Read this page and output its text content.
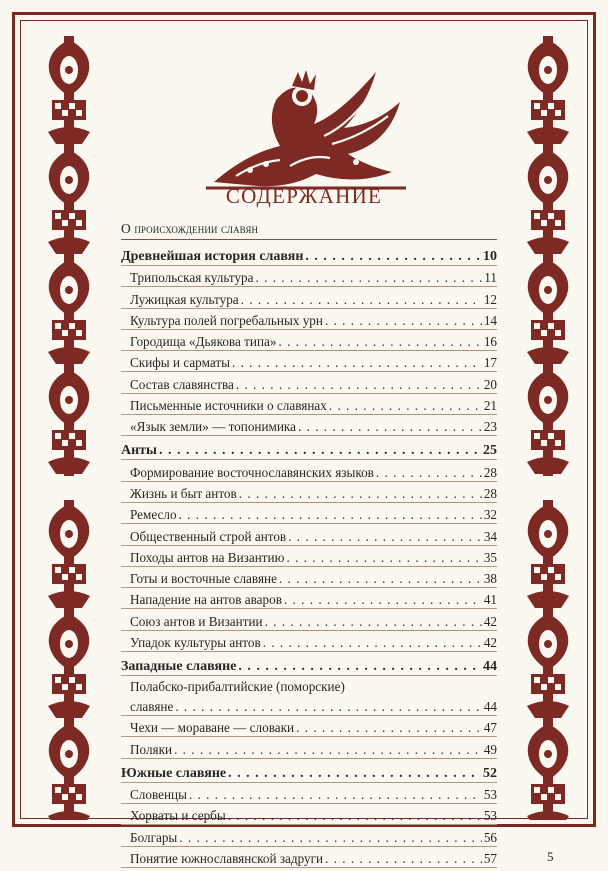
СОДЕРЖАНИЕ
О происхождении славян
Древнейшая история славян . . .	10
Трипольская культура . . .	11
Лужицкая культура . . .	12
Культура полей погребальных урн . . .	14
Городища «Дьякова типа» . . .	16
Скифы и сарматы . . .	17
Состав славянства . . .	20
Письменные источники о славянах . . .	21
«Язык земли» — топонимика . . .	23
Анты . . .	25
Формирование восточнославянских языков . . .	28
Жизнь и быт антов . . .	28
Ремесло . . .	32
Общественный строй антов . . .	34
Походы антов на Византию . . .	35
Готы и восточные славяне . . .	38
Нападение на антов аваров . . .	41
Союз антов и Византии . . .	42
Упадок культуры антов . . .	42
Западные славяне . . .	44
Полабско-прибалтийские (поморские)
славяне . . .	44
Чехи — мораване — словаки . . .	47
Поляки . . .	49
Южные славяне . . .	52
Словенцы . . .	53
Хорваты и сербы . . .	53
Болгары . . .	56
Понятие южнославянской задруги . . .	57	5
